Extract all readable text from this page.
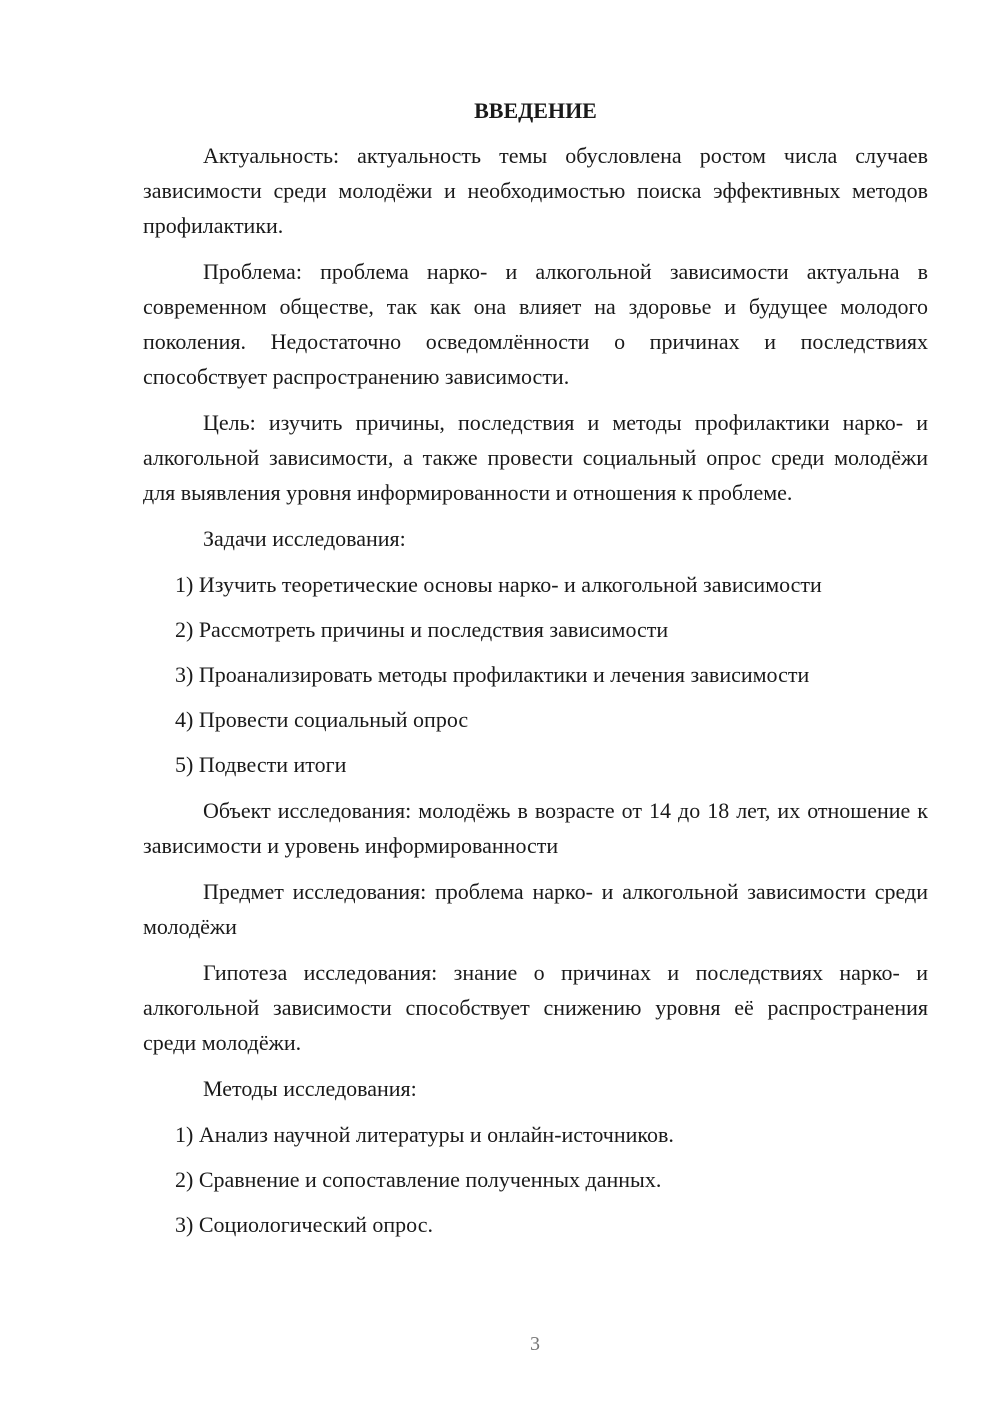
ВВЕДЕНИЕ

Актуальность: актуальность темы обусловлена ростом числа случаев зависимости среди молодёжи и необходимостью поиска эффективных методов профилактики.

Проблема: проблема нарко- и алкогольной зависимости актуальна в современном обществе, так как она влияет на здоровье и будущее молодого поколения. Недостаточно осведомлённости о причинах и последствиях способствует распространению зависимости.

Цель: изучить причины, последствия и методы профилактики нарко- и алкогольной зависимости, а также провести социальный опрос среди молодёжи для выявления уровня информированности и отношения к проблеме.

Задачи исследования:

1) Изучить теоретические основы нарко- и алкогольной зависимости
2) Рассмотреть причины и последствия зависимости
3) Проанализировать методы профилактики и лечения зависимости
4) Провести социальный опрос
5) Подвести итоги

Объект исследования: молодёжь в возрасте от 14 до 18 лет, их отношение к зависимости и уровень информированности

Предмет исследования: проблема нарко- и алкогольной зависимости среди молодёжи

Гипотеза исследования: знание о причинах и последствиях нарко- и алкогольной зависимости способствует снижению уровня её распространения среди молодёжи.

Методы исследования:

1) Анализ научной литературы и онлайн-источников.
2) Сравнение и сопоставление полученных данных.
3) Социологический опрос.
3
